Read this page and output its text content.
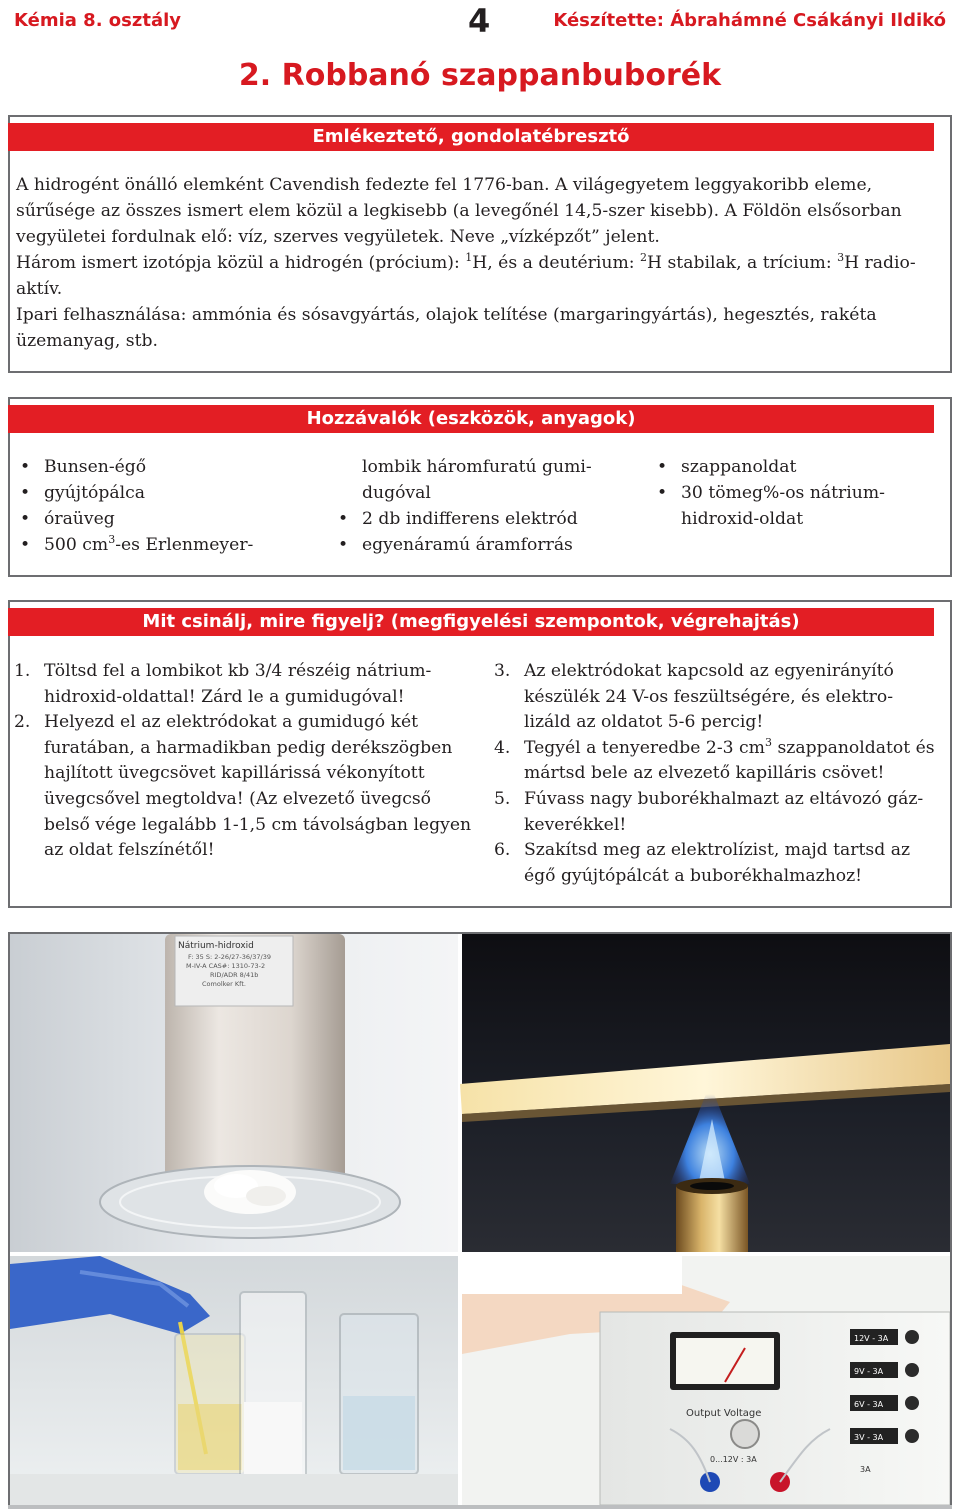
Kémia 8. osztály	4	Készítette: Ábrahámné Csákányi Ildikó
2. Robbanó szappanbuborék
Emlékeztető, gondolatébresztő

A hidrogént önálló elemként Cavendish fedezte fel 1776-ban. A világegyetem leggyakoribb eleme, sűrűsége az összes ismert elem közül a legkisebb (a levegőnél 14,5-szer kisebb). A Földön elsősorban vegyületei fordulnak elő: víz, szerves vegyületek. Neve „vízképzőt” jelent.

Három ismert izotópja közül a hidrogén (prócium): $^1$H, és a deutérium: $^2$H stabilak, a trícium: $^3$H radio-aktív.

Ipari felhasználása: ammónia és sósavgyártás, olajok telítése (margaringyártás), hegesztés, rakéta üzemanyag, stb.

Hozzávalók (eszközök, anyagok)
• Bunsen-égő
• gyújtópálca
• óraüveg
• 500 $cm^3-es$ Erlenmeyer-
lombik háromfuratú gumi-dugóval
• 2 db indifferens elektród
• egyenáramú áramforrás
• szappanoldat
• 30 tömeg%-os nátrium-hidroxid-oldat
Mit csinálj, mire figyelj? (megfigyelési szempontok, végrehajtás)
1. Töltsd fel a lombikot kb 3/4 részéig nátrium-hidroxid-oldattal! Zárd le a gumidugóval!
2. Helyezd el az elektródokat a gumidugó két furatában, a harmadikban pedig derékszögben hajlított üvegcsövet kapillárissá vékonyított üvegcsővel megtoldva! (Az elvezető üvegcső belső vége legalább 1-1,5 cm távolságban legyen az oldat felszínétől!
3. Az elektródokat kapcsold az egyenirányító készülék 24 V-os feszültségére, és elektro-lizáld az oldatot 5-6 percig!
4. Tegyél a tenyeredbe 2-3 $cm^3$ szappanoldatot és mártsd bele az elvezető kapilláris csövet!
5. Fúvass nagy buborékhalmazt az eltávozó gáz-keverékkel!
6. Szakítsd meg az elektrolízist, majd tartsd az égő gyújtópálcát a buborékhalmazhoz!
Nátrium-hidroxid
F: 35 S: 2-26/27-36/37/39
M-IV-A CAS#: 1310-73-2
RID/ADR 8/41b
Comolker Kft.
Output Voltage
0...12V : 3A
12V - 3A
9V - 3A
6V - 3A
3V - 3A
3A
